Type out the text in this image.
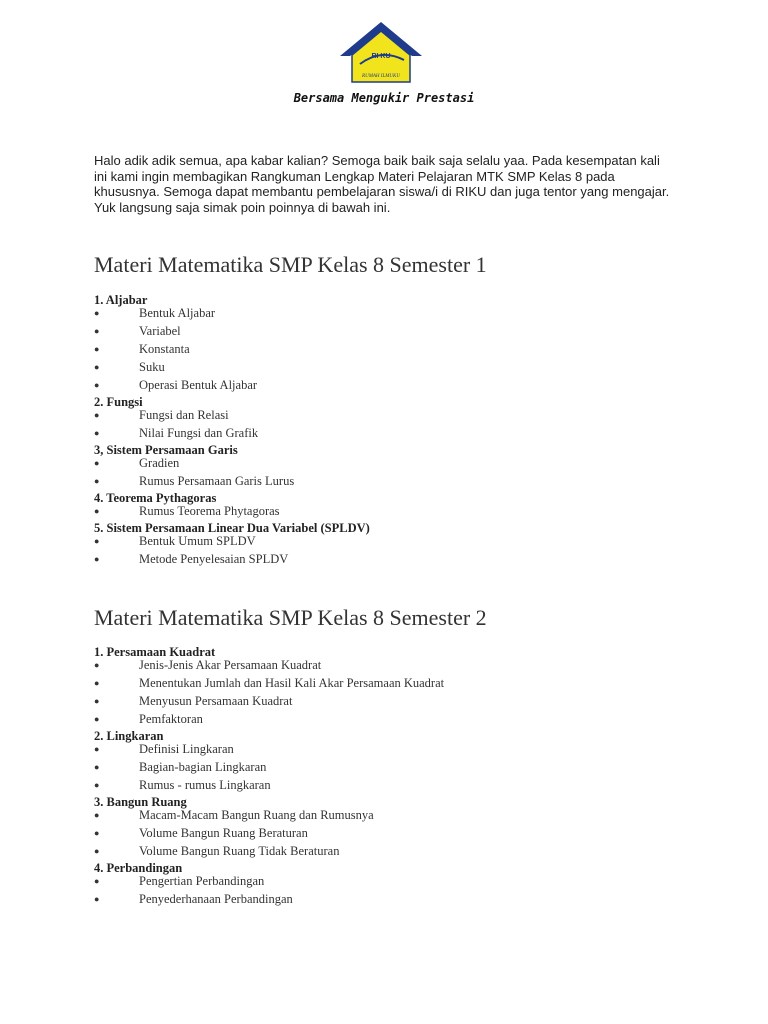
RI KU
RUMAH ILMUKU
Bersama Mengukir Prestasi
Halo adik adik semua, apa kabar kalian? Semoga baik baik saja selalu yaa. Pada kesempatan kali ini kami ingin membagikan Rangkuman Lengkap Materi Pelajaran MTK SMP Kelas 8 pada khususnya. Semoga dapat membantu pembelajaran siswa/i di RIKU dan juga tentor yang mengajar. Yuk langsung saja simak poin poinnya di bawah ini.
Materi Matematika SMP Kelas 8 Semester 1
1. Aljabar
●	Bentuk Aljabar
●	Variabel
●	Konstanta
●	Suku
●	Operasi Bentuk Aljabar
2. Fungsi
●	Fungsi dan Relasi
●	Nilai Fungsi dan Grafik
3, Sistem Persamaan Garis
●	Gradien
●	Rumus Persamaan Garis Lurus
4. Teorema Pythagoras
●	Rumus Teorema Phytagoras
5. Sistem Persamaan Linear Dua Variabel (SPLDV)
●	Bentuk Umum SPLDV
●	Metode Penyelesaian SPLDV
Materi Matematika SMP Kelas 8 Semester 2
1. Persamaan Kuadrat
●	Jenis-Jenis Akar Persamaan Kuadrat
●	Menentukan Jumlah dan Hasil Kali Akar Persamaan Kuadrat
●	Menyusun Persamaan Kuadrat
●	Pemfaktoran
2. Lingkaran
●	Definisi Lingkaran
●	Bagian-bagian Lingkaran
●	Rumus - rumus Lingkaran
3. Bangun Ruang
●	Macam-Macam Bangun Ruang dan Rumusnya
●	Volume Bangun Ruang Beraturan
●	Volume Bangun Ruang Tidak Beraturan
4. Perbandingan
●	Pengertian Perbandingan
●	Penyederhanaan Perbandingan
